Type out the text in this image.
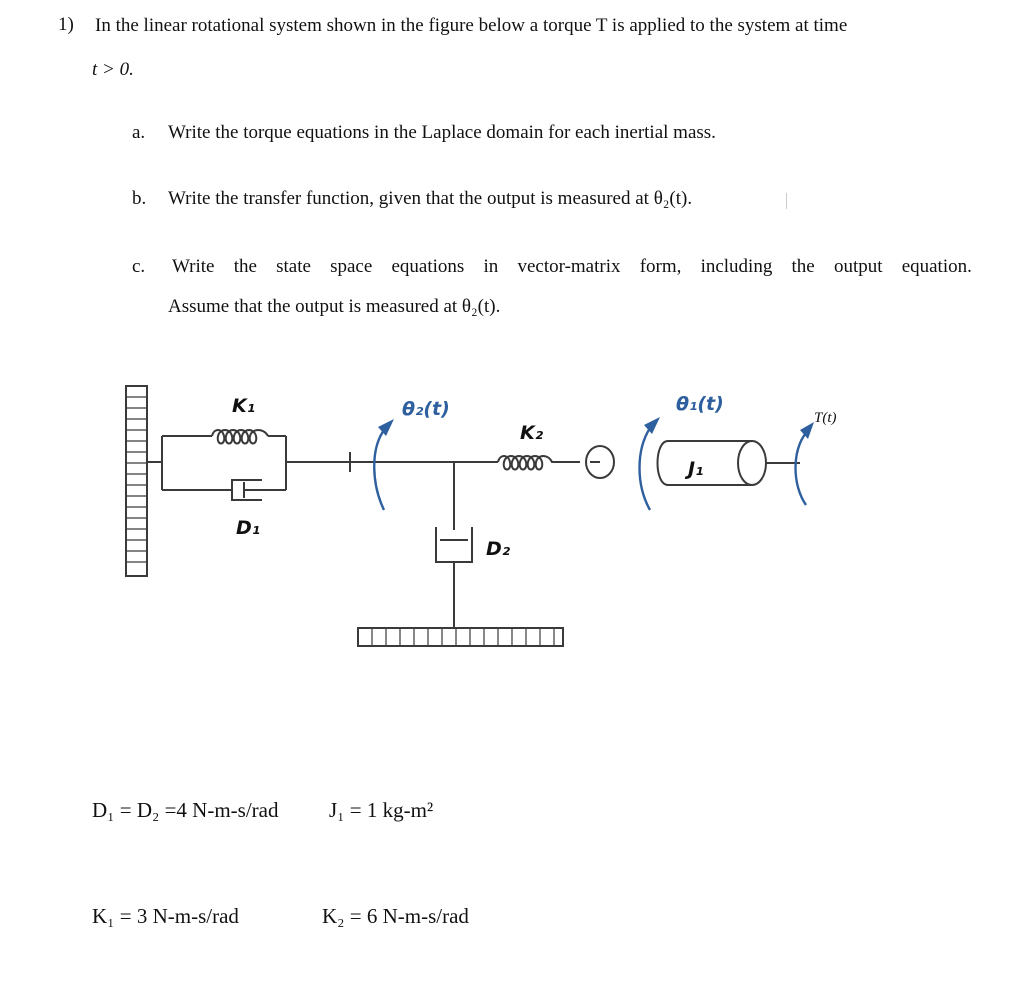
1) In the linear rotational system shown in the figure below a torque T is applied to the system at time
t > 0.
a. Write the torque equations in the Laplace domain for each inertial mass.
b. Write the transfer function, given that the output is measured at θ₂(t).
c. Write the state space equations in vector-matrix form, including the output equation.
Assume that the output is measured at θ₂(t).
K₁
D₁
θ₂(t)
K₂
D₂
θ₁(t)
J₁
T(t)
D₁ = D₂ =4 N-m-s/rad J₁ = 1 kg-m²
K₁ = 3 N-m-s/rad	K₂ = 6 N-m-s/rad
